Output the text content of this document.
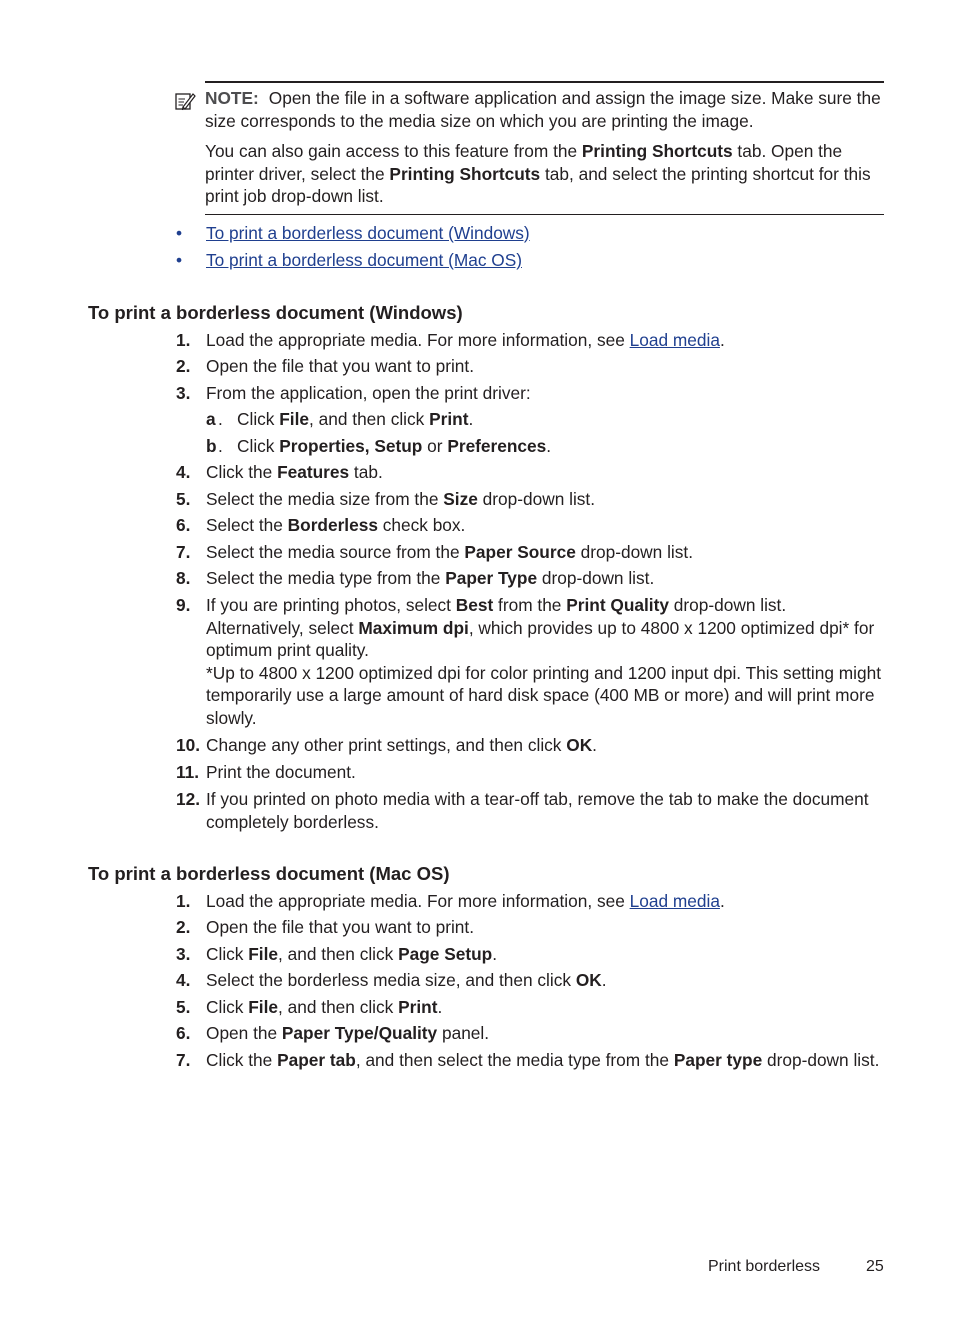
NOTE: Open the file in a software application and assign the image size. Make sure the size corresponds to the media size on which you are printing the image.
You can also gain access to this feature from the Printing Shortcuts tab. Open the printer driver, select the Printing Shortcuts tab, and select the printing shortcut for this print job drop-down list.
• To print a borderless document (Windows)
• To print a borderless document (Mac OS)
To print a borderless document (Windows)
1. Load the appropriate media. For more information, see Load media.
2. Open the file that you want to print.
3. From the application, open the print driver:
a . Click File, and then click Print.
b . Click Properties, Setup or Preferences.
4. Click the Features tab.
5. Select the media size from the Size drop-down list.
6. Select the Borderless check box.
7. Select the media source from the Paper Source drop-down list.
8. Select the media type from the Paper Type drop-down list.
9. If you are printing photos, select Best from the Print Quality drop-down list. Alternatively, select Maximum dpi, which provides up to 4800 x 1200 optimized dpi* for optimum print quality.
*Up to 4800 x 1200 optimized dpi for color printing and 1200 input dpi. This setting might temporarily use a large amount of hard disk space (400 MB or more) and will print more slowly.
10. Change any other print settings, and then click OK.
11. Print the document.
12. If you printed on photo media with a tear-off tab, remove the tab to make the document completely borderless.
To print a borderless document (Mac OS)
1. Load the appropriate media. For more information, see Load media.
2. Open the file that you want to print.
3. Click File, and then click Page Setup.
4. Select the borderless media size, and then click OK.
5. Click File, and then click Print.
6. Open the Paper Type/Quality panel.
7. Click the Paper tab, and then select the media type from the Paper type drop-down list.
Print borderless	25
